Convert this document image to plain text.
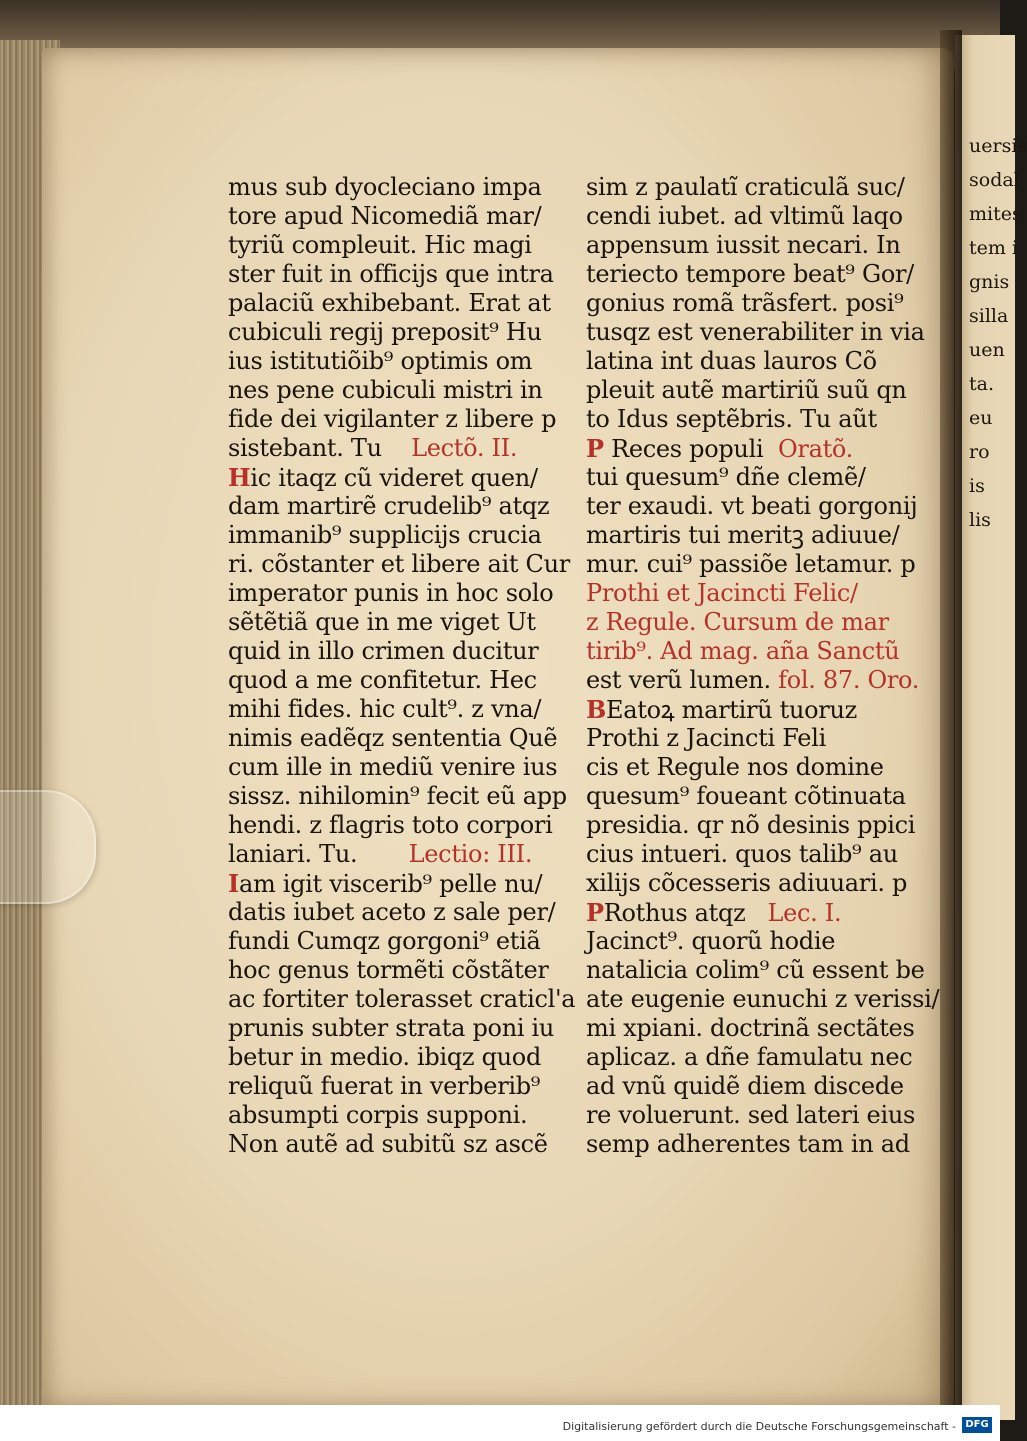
uersis
sodal
mites
tem i
gnis
silla
uen
ta.
eu
ro
is
lis
mus sub dyocleciano impa
tore apud Nicomediã mar/
tyriũ compleuit. Hic magi
ster fuit in officijs que intra
palaciũ exhibebant. Erat at
cubiculi regij preposit⁹ Hu
ius istitutiõib⁹ optimis om
nes pene cubiculi mistri in
fide dei vigilanter z libere p
sistebant. Tu Lectõ. II.
Hic itaqz cũ videret quen/
dam martirẽ crudelib⁹ atqz
immanib⁹ supplicijs crucia
ri. cõstanter et libere ait Cur
imperator punis in hoc solo
sẽtẽtiã que in me viget Ut
quid in illo crimen ducitur
quod a me confitetur. Hec
mihi fides. hic cult⁹. z vna/
nimis eadẽqz sententia Quẽ
cum ille in mediũ venire ius
sissz. nihilomin⁹ fecit eũ app
hendi. z flagris toto corpori
laniari. Tu. Lectio: III.
Iam igit viscerib⁹ pelle nu/
datis iubet aceto z sale per/
fundi Cumqz gorgoni⁹ etiã
hoc genus tormẽti cõstãter
ac fortiter tolerasset craticl'a
prunis subter strata poni iu
betur in medio. ibiqz quod
reliquũ fuerat in verberib⁹
absumpti corpis supponi.
Non autẽ ad subitũ sz ascẽ
sim z paulatĩ craticulã suc/
cendi iubet. ad vltimũ laqo
appensum iussit necari. In
teriecto tempore beat⁹ Gor/
gonius romã trãsfert. posi⁹
tusqz est venerabiliter in via
latina int duas lauros Cõ
pleuit autẽ martiriũ suũ qn
to Idus septẽbris. Tu aũt
P Reces populi Oratõ.
tui quesum⁹ dñe clemẽ/
ter exaudi. vt beati gorgonij
martiris tui meritꝫ adiuue/
mur. cui⁹ passiõe letamur. p
Prothi et Jacincti Felic/
z Regule. Cursum de mar
tirib⁹. Ad mag. aña Sanctũ
est verũ lumen. fol. 87. Oro.
BEatoꝝ martirũ tuoruz
Prothi z Jacincti Feli
cis et Regule nos domine
quesum⁹ foueant cõtinuata
presidia. qr nõ desinis ppici
cius intueri. quos talib⁹ au
xilijs cõcesseris adiuuari. p
PRothus atqz Lec. I.
Jacinct⁹. quorũ hodie
natalicia colim⁹ cũ essent be
ate eugenie eunuchi z verissi/
mi xpiani. doctrinã sectãtes
aplicaz. a dñe famulatu nec
ad vnũ quidẽ diem discede
re voluerunt. sed lateri eius
semp adherentes tam in ad
Digitalisierung gefördert durch die Deutsche Forschungsgemeinschaft - DFG
